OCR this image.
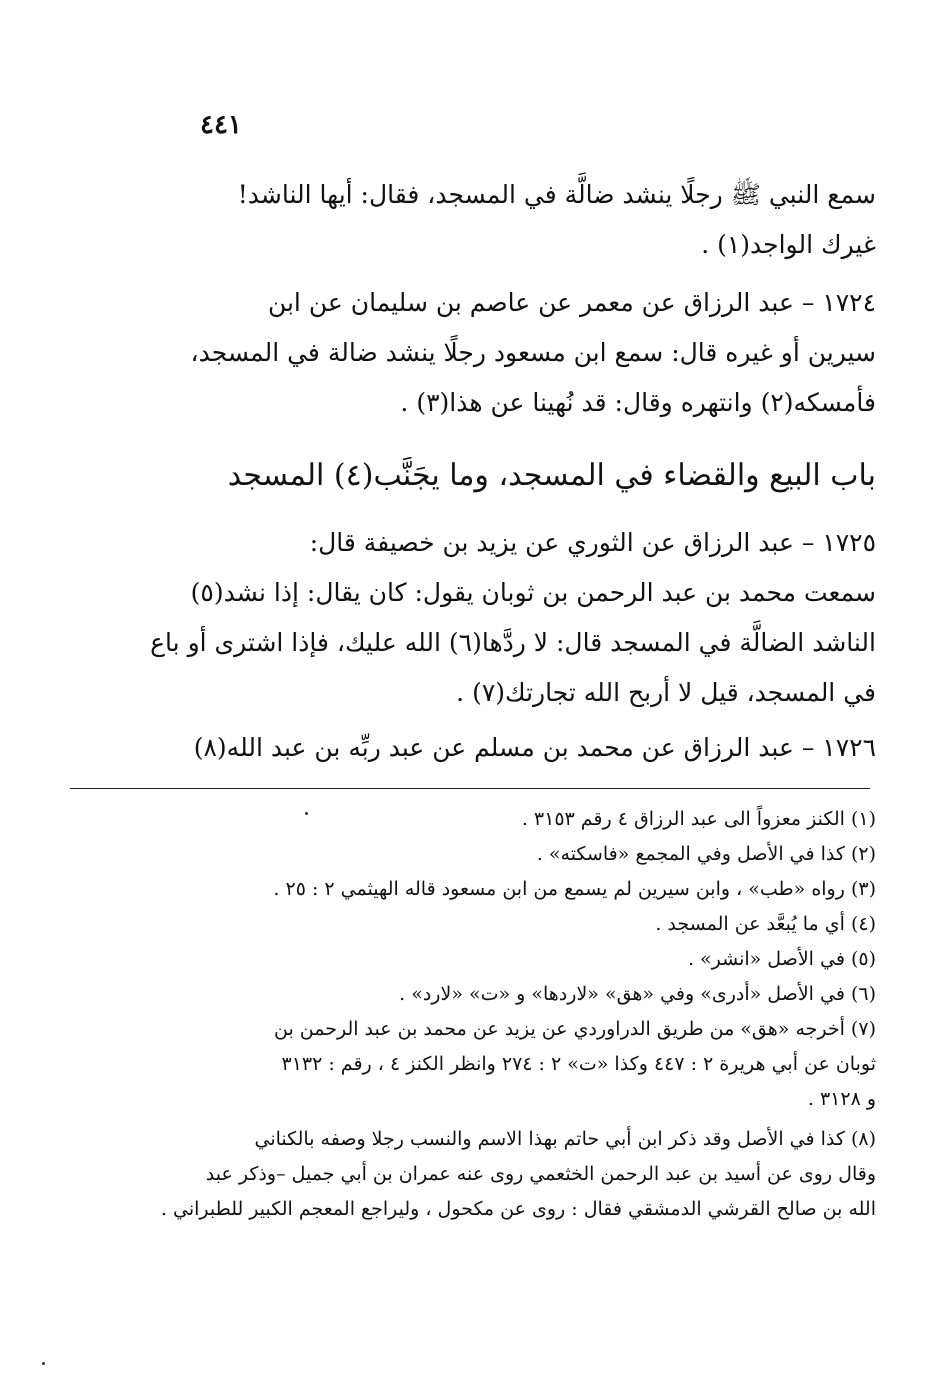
٤٤١
سمع النبي ﷺ رجلًا ينشد ضالَّة في المسجد، فقال: أيها الناشد!
غيرك الواجد(١) .
١٧٢٤ – عبد الرزاق عن معمر عن عاصم بن سليمان عن ابن
سيرين أو غيره قال: سمع ابن مسعود رجلًا ينشد ضالة في المسجد،
فأمسكه(٢) وانتهره وقال: قد نُهينا عن هذا(٣) .
باب البيع والقضاء في المسجد، وما يجَنَّب(٤) المسجد
١٧٢٥ – عبد الرزاق عن الثوري عن يزيد بن خصيفة قال:
سمعت محمد بن عبد الرحمن بن ثوبان يقول: كان يقال: إذا نشد(٥)
الناشد الضالَّة في المسجد قال: لا ردَّها(٦) الله عليك، فإذا اشترى أو باع
في المسجد، قيل لا أربح الله تجارتك(٧) .
١٧٢٦ – عبد الرزاق عن محمد بن مسلم عن عبد ربِّه بن عبد الله(٨)
(١) الكنز معزواً الى عبد الرزاق ٤ رقم ٣١٥٣ .
(٢) كذا في الأصل وفي المجمع «فاسكته» .
(٣) رواه «طب» ، وابن سيرين لم يسمع من ابن مسعود قاله الهيثمي ٢ : ٢٥ .
(٤) أي ما يُبعَّد عن المسجد .
(٥) في الأصل «انشر» .
(٦) في الأصل «أدرى» وفي «هق» «لاردها» و «ت» «لارد» .
(٧) أخرجه «هق» من طريق الدراوردي عن يزيد عن محمد بن عبد الرحمن بن
ثوبان عن أبي هريرة ٢ : ٤٤٧ وكذا «ت» ٢ : ٢٧٤ وانظر الكنز ٤ ، رقم : ٣١٣٢
و ٣١٢٨ .
(٨) كذا في الأصل وقد ذكر ابن أبي حاتم بهذا الاسم والنسب رجلا وصفه بالكناني
وقال روى عن أسيد بن عبد الرحمن الخثعمي روى عنه عمران بن أبي جميل –وذكر عبد
الله بن صالح القرشي الدمشقي فقال : روى عن مكحول ، وليراجع المعجم الكبير للطبراني .
